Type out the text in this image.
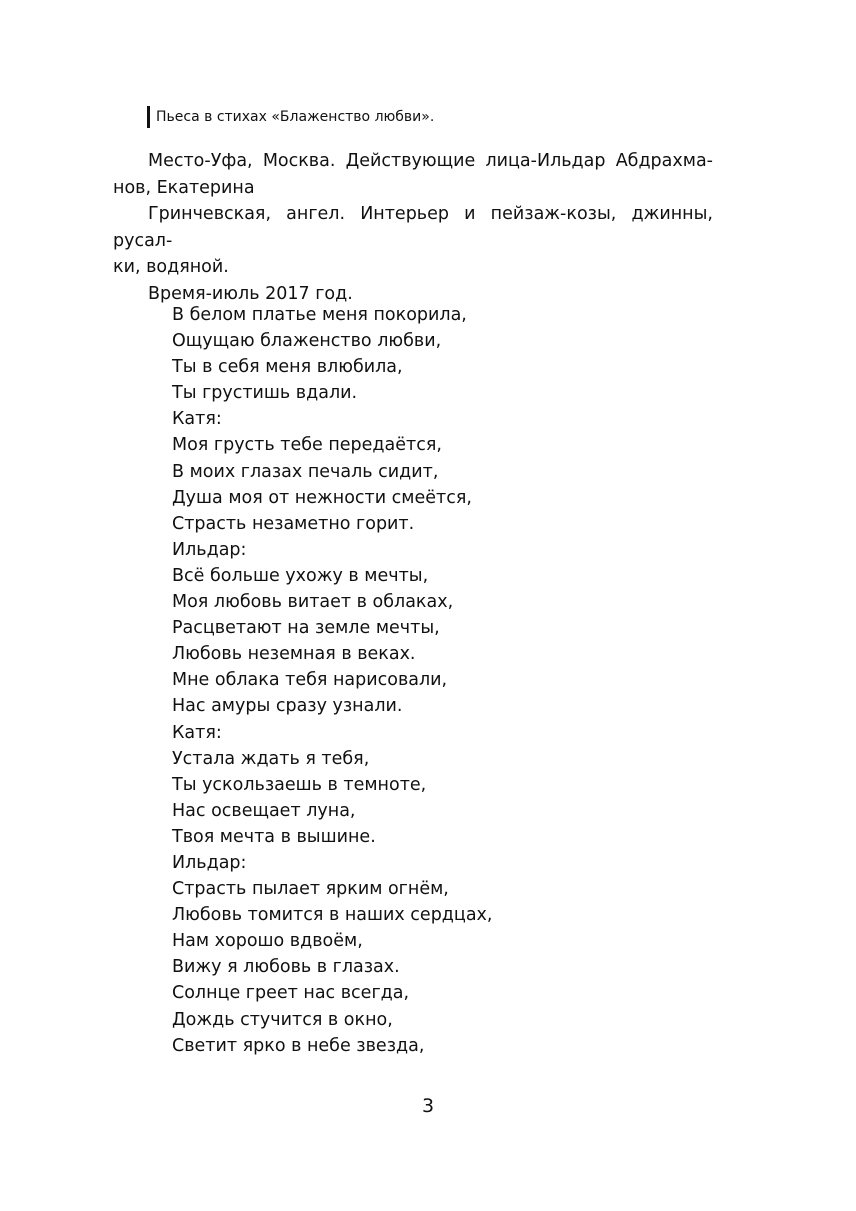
Пьеса в стихах «Блаженство любви».

Место-Уфа, Москва. Действующие лица-Ильдар Абдрахма-

нов, Екатерина

Гринчевская, ангел. Интерьер и пейзаж-козы, джинны, русал-

ки, водяной.

Время-июль 2017 год.

В белом платье меня покорила,
Ощущаю блаженство любви,
Ты в себя меня влюбила,
Ты грустишь вдали.
Катя:
Моя грусть тебе передаётся,
В моих глазах печаль сидит,
Душа моя от нежности смеётся,
Страсть незаметно горит.
Ильдар:
Всё больше ухожу в мечты,
Моя любовь витает в облаках,
Расцветают на земле мечты,
Любовь неземная в веках.
Мне облака тебя нарисовали,
Нас амуры сразу узнали.
Катя:
Устала ждать я тебя,
Ты ускользаешь в темноте,
Нас освещает луна,
Твоя мечта в вышине.
Ильдар:
Страсть пылает ярким огнём,
Любовь томится в наших сердцах,
Нам хорошо вдвоём,
Вижу я любовь в глазах.
Солнце греет нас всегда,
Дождь стучится в окно,
Светит ярко в небе звезда,
3
